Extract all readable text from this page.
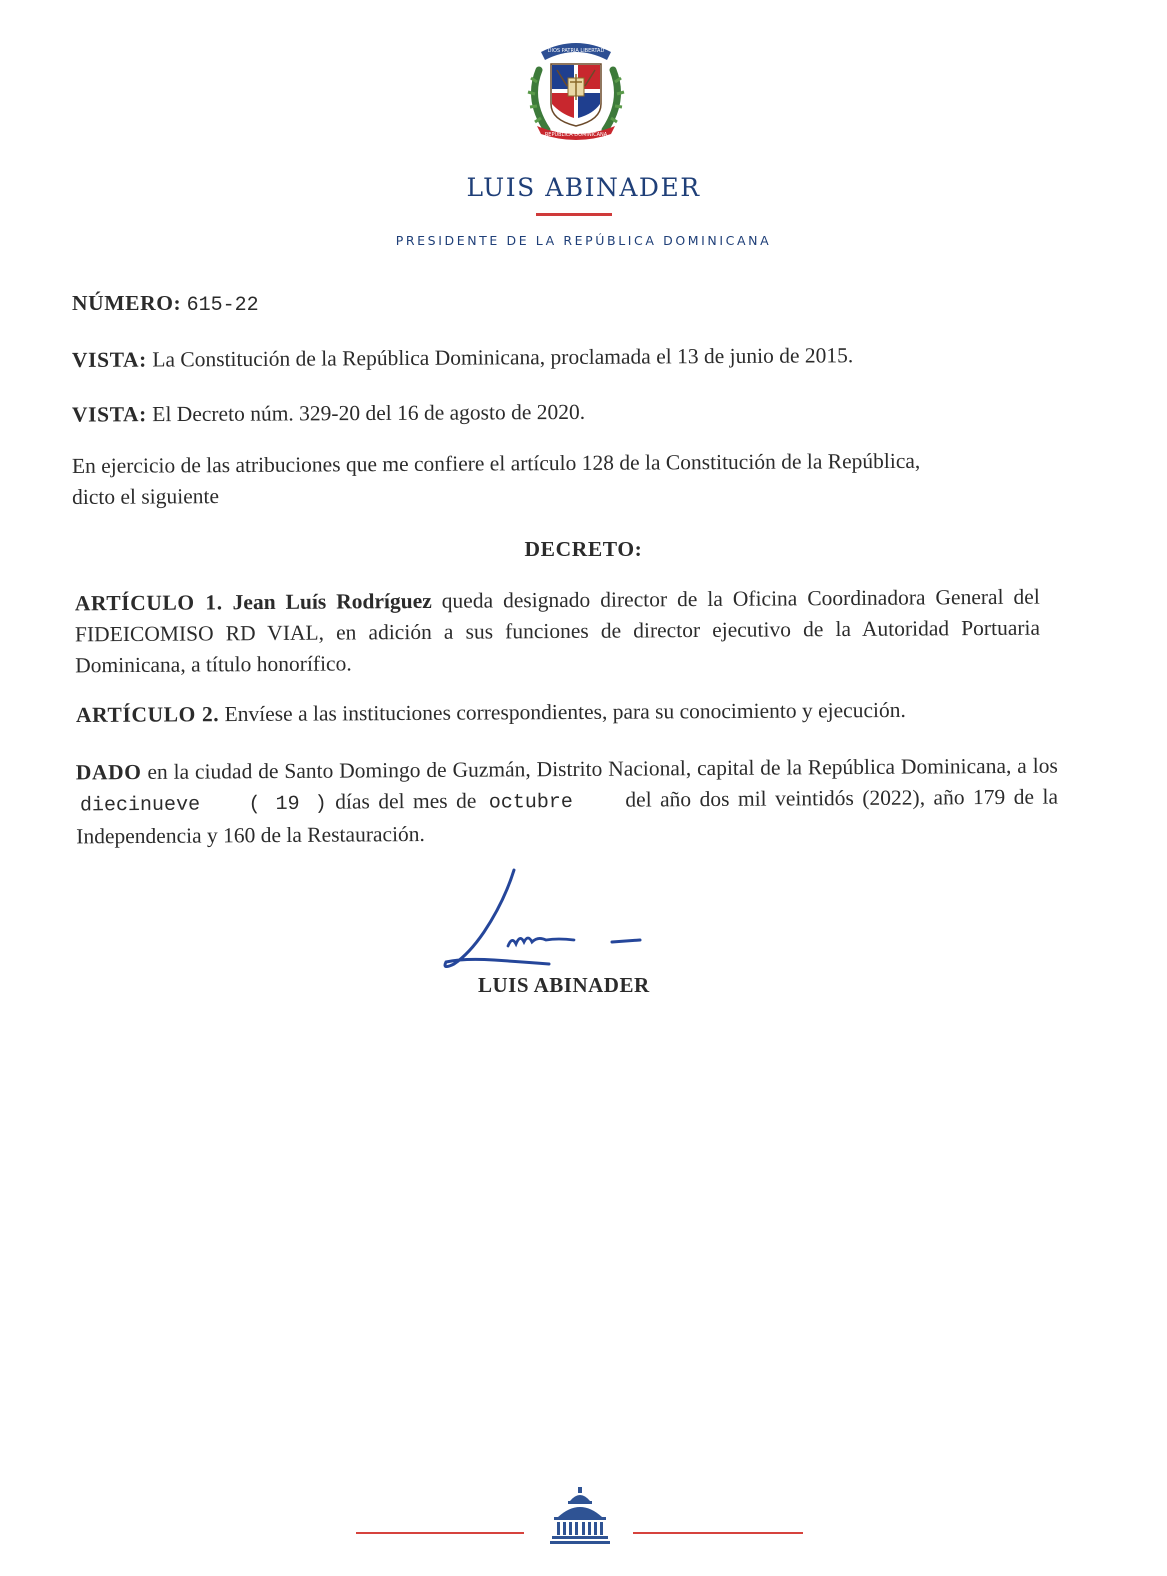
DIOS PATRIA LIBERTAD
REPÚBLICA DOMINICANA
LUIS ABINADER
PRESIDENTE DE LA REPÚBLICA DOMINICANA
NÚMERO: 615-22
VISTA: La Constitución de la República Dominicana, proclamada el 13 de junio de 2015.
VISTA: El Decreto núm. 329-20 del 16 de agosto de 2020.
En ejercicio de las atribuciones que me confiere el artículo 128 de la Constitución de la República,
dicto el siguiente
DECRETO:
ARTÍCULO 1. Jean Luís Rodríguez queda designado director de la Oficina Coordinadora General del FIDEICOMISO RD VIAL, en adición a sus funciones de director ejecutivo de la Autoridad Portuaria Dominicana, a título honorífico.
ARTÍCULO 2. Envíese a las instituciones correspondientes, para su conocimiento y ejecución.
DADO en la ciudad de Santo Domingo de Guzmán, Distrito Nacional, capital de la República Dominicana, a los diecinueve ( 19 ) días del mes de octubre del año dos mil veintidós (2022), año 179 de la Independencia y 160 de la Restauración.
LUIS ABINADER
